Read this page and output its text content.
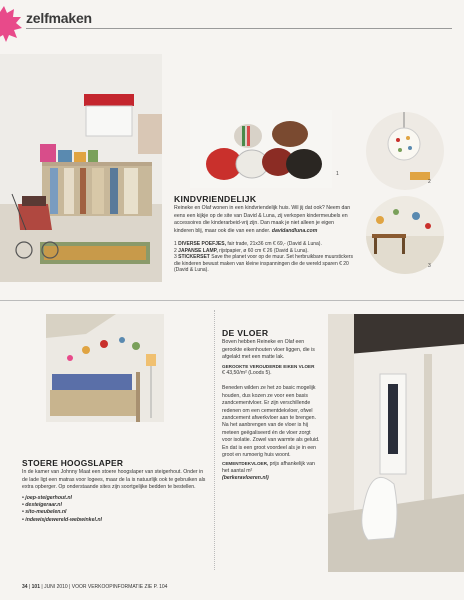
zelfmaken
1
2
3
KINDVRIENDELIJK
Reineke en Olaf wonen in een kindvriendelijk huis. Wil jij dat ook? Neem dan eens een kijkje op de site van David & Luna, zij verkopen kindermeubels en accessoires die kinderarbeid-vrij zijn. Dan maak je niet alleen je eigen kinderen blij, maar ook die van een ander. davidandluna.com
1 DIVERSE POEFJES, fair trade, 21x36 cm € 69,- (David & Luna).
2 JAPANSE LAMP, rijstpapier, ø 60 cm € 26 (David & Luna).
3 STICKERSET Save the planet voor op de muur. Set herbruikbare muurstickers die kinderen bewust maken van kleine inspanningen die de wereld sparen € 20 (David & Luna).
STOERE HOOGSLAPER
In de kamer van Johnny Maat een stoere hoogslaper van steigerhout. Onder in de lade ligt een matras voor logees, maar de la is natuurlijk ook te gebruiken als extra opberger. Op onderstaande sites zijn soortgelijke bedden te bestellen.
• joep-steigerhout.nl
• desteigeraar.nl
• sito-meubelen.nl
• indewisjdewereld-webwinkel.nl
DE VLOER
Boven hebben Reineke en Olaf een gerookte eikenhouten vloer liggen, die is afgelakt met een matte lak.
GEROOKTE VEROUDERDE EIKEN VLOER
€ 43,50/m² (Loods 5).
Beneden wilden ze het zo basic mogelijk houden, dus kozen ze voor een basis zandcementvloer. Er zijn verschillende redenen om een cementdekvloer, ofwel zandcement afwerkvloer aan te brengen. Na het aanbrengen van de vloer is hij meteen geëgaliseerd én de vloer zorgt voor isolatie. Zowel van warmte als geluid. En dat is een groot voordeel als je in een groot en rumoerig huis woont.
CEMENTDEKVLOER, prijs afhankelijk van het aantal m²
(berkeravloeren.nl)
34 | 101 | JUNI 2010 | VOOR VERKOOPINFORMATIE ZIE P. 104
